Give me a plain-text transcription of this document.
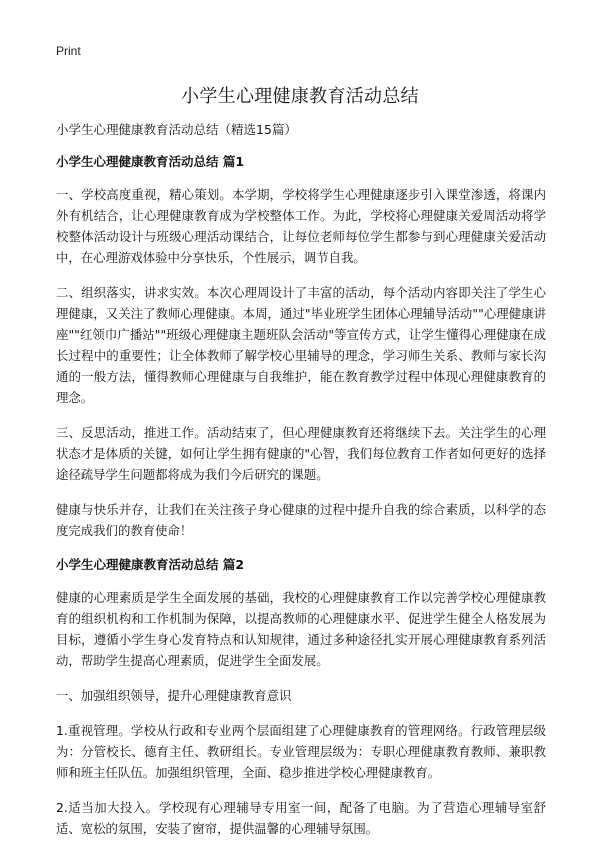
Print
小学生心理健康教育活动总结

小学生心理健康教育活动总结（精选15篇）

小学生心理健康教育活动总结 篇1

一、学校高度重视，精心策划。本学期，学校将学生心理健康逐步引入课堂渗透，将课内外有机结合，让心理健康教育成为学校整体工作。为此，学校将心理健康关爱周活动将学校整体活动设计与班级心理活动课结合，让每位老师每位学生都参与到心理健康关爱活动中，在心理游戏体验中分享快乐，个性展示，调节自我。

二、组织落实，讲求实效。本次心理周设计了丰富的活动，每个活动内容即关注了学生心理健康，又关注了教师心理健康。本周，通过"毕业班学生团体心理辅导活动""心理健康讲座""红领巾广播站""班级心理健康主题班队会活动"等宣传方式，让学生懂得心理健康在成长过程中的重要性；让全体教师了解学校心里辅导的理念，学习师生关系、教师与家长沟通的一般方法，懂得教师心理健康与自我维护，能在教育教学过程中体现心理健康教育的理念。

三、反思活动，推进工作。活动结束了，但心理健康教育还将继续下去。关注学生的心理状态才是体质的关键，如何让学生拥有健康的"心智，我们每位教育工作者如何更好的选择途径疏导学生问题都将成为我们今后研究的课题。

健康与快乐并存，让我们在关注孩子身心健康的过程中提升自我的综合素质，以科学的态度完成我们的教育使命！

小学生心理健康教育活动总结 篇2

健康的心理素质是学生全面发展的基础，我校的心理健康教育工作以完善学校心理健康教育的组织机构和工作机制为保障，以提高教师的心理健康水平、促进学生健全人格发展为目标，遵循小学生身心发育特点和认知规律，通过多种途径扎实开展心理健康教育系列活动，帮助学生提高心理素质，促进学生全面发展。

一、加强组织领导，提升心理健康教育意识

1.重视管理。学校从行政和专业两个层面组建了心理健康教育的管理网络。行政管理层级为：分管校长、德育主任、教研组长。专业管理层级为：专职心理健康教育教师、兼职教师和班主任队伍。加强组织管理，全面、稳步推进学校心理健康教育。

2.适当加大投入。学校现有心理辅导专用室一间，配备了电脑。为了营造心理辅导室舒适、宽松的氛围，安装了窗帘，提供温馨的心理辅导氛围。
